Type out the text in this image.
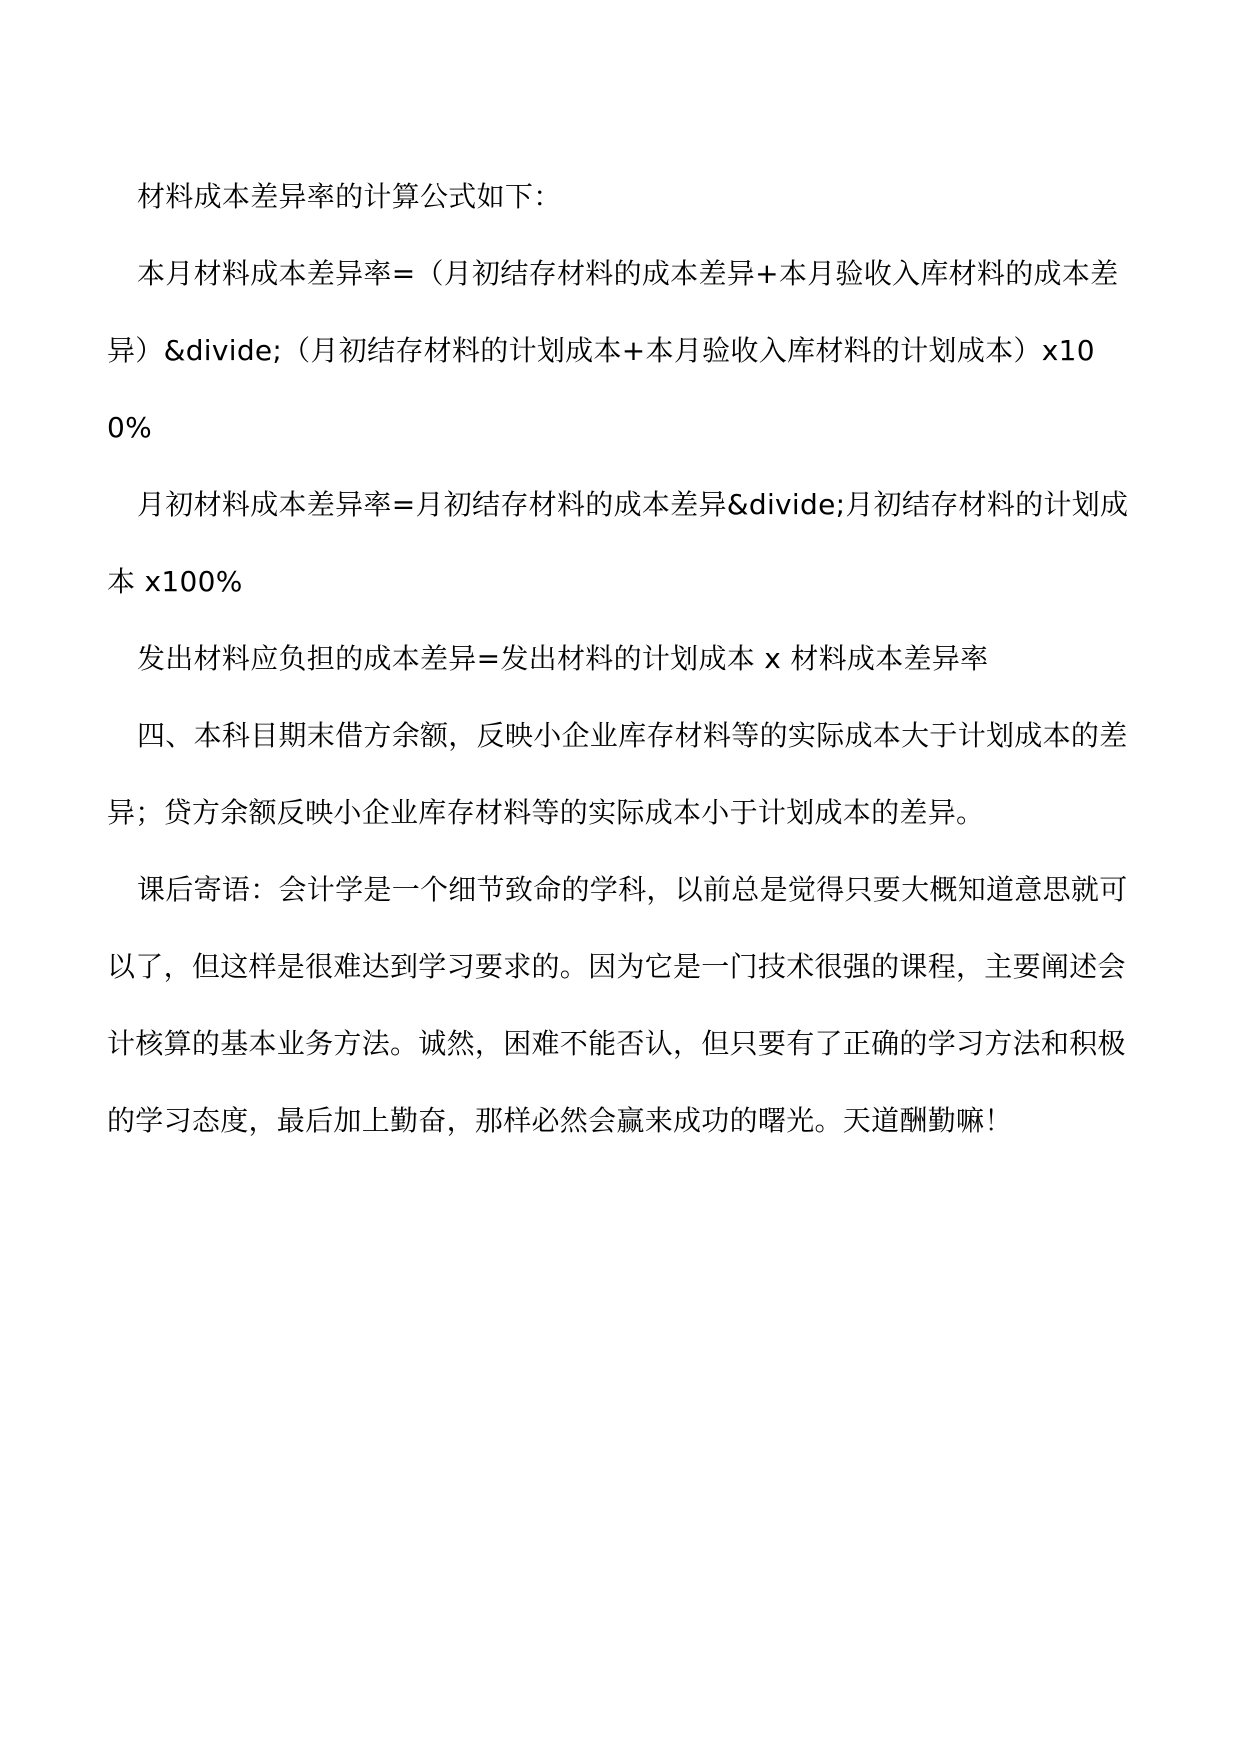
材料成本差异率的计算公式如下：

本月材料成本差异率=（月初结存材料的成本差异+本月验收入库材料的成本差异）&divide;（月初结存材料的计划成本+本月验收入库材料的计划成本）x100%

月初材料成本差异率=月初结存材料的成本差异&divide;月初结存材料的计划成本 x100%

发出材料应负担的成本差异=发出材料的计划成本 x 材料成本差异率

四、本科目期末借方余额，反映小企业库存材料等的实际成本大于计划成本的差异；贷方余额反映小企业库存材料等的实际成本小于计划成本的差异。

课后寄语：会计学是一个细节致命的学科，以前总是觉得只要大概知道意思就可以了，但这样是很难达到学习要求的。因为它是一门技术很强的课程，主要阐述会计核算的基本业务方法。诚然，困难不能否认，但只要有了正确的学习方法和积极的学习态度，最后加上勤奋，那样必然会赢来成功的曙光。天道酬勤嘛！
